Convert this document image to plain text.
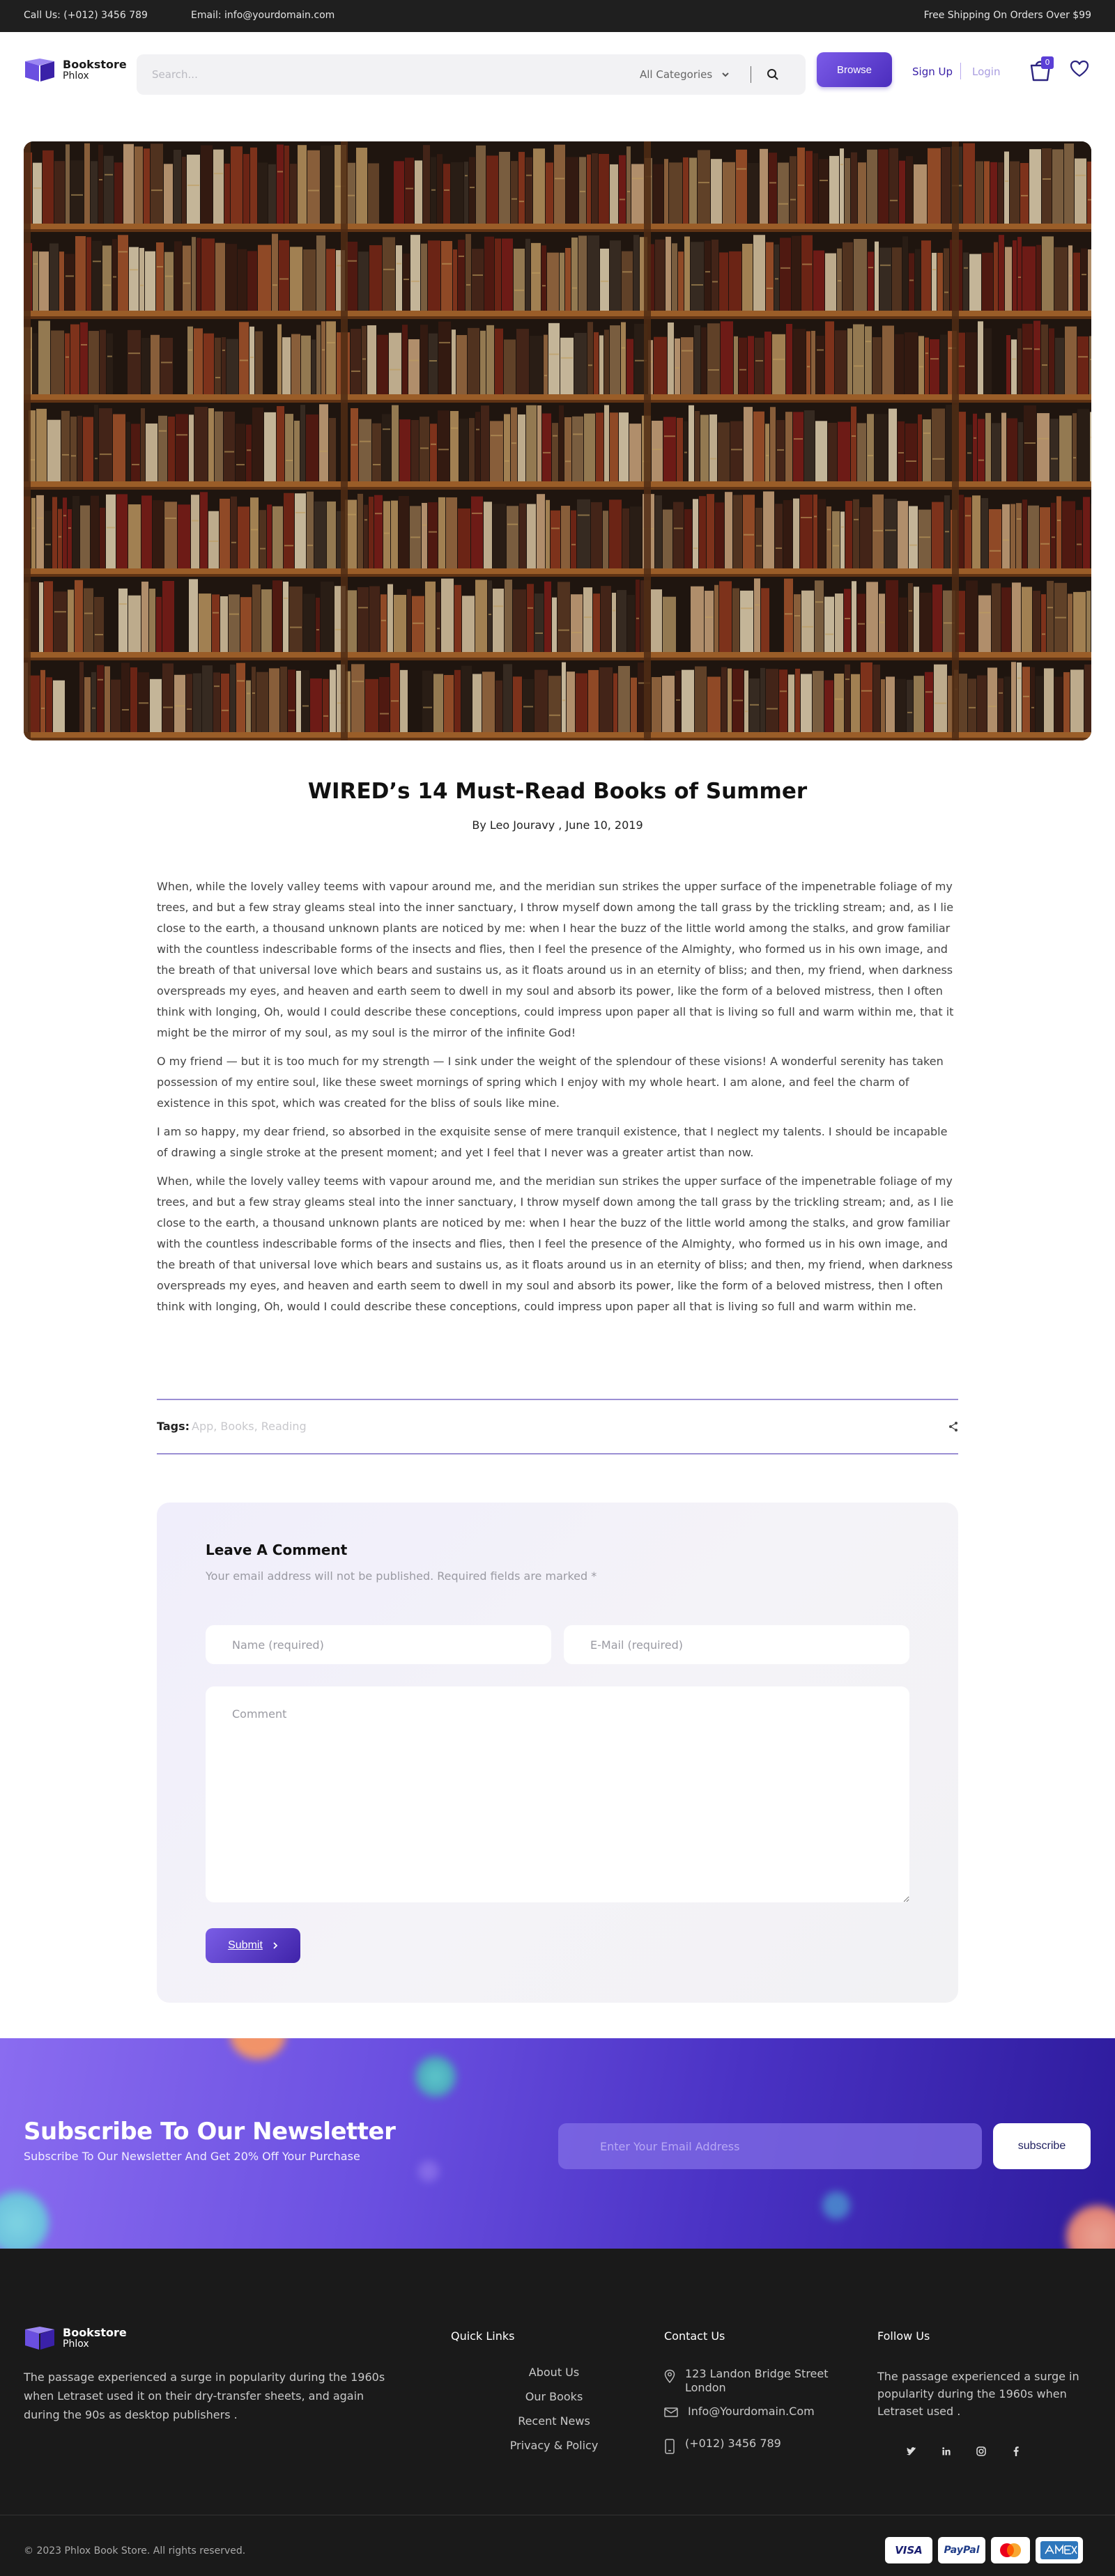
Call Us: (+012) 3456 789	Email: info@yourdomain.com	Free Shipping On Orders Over $99
Bookstore
Phlox
Search...	All Categories	Browse	Sign Up Login
0
WIRED’s 14 Must-Read Books of Summer
By Leo Jouravy , June 10, 2019

When, while the lovely valley teems with vapour around me, and the meridian sun strikes the upper surface of the impenetrable foliage of my trees, and but a few stray gleams steal into the inner sanctuary, I throw myself down among the tall grass by the trickling stream; and, as I lie close to the earth, a thousand unknown plants are noticed by me: when I hear the buzz of the little world among the stalks, and grow familiar with the countless indescribable forms of the insects and flies, then I feel the presence of the Almighty, who formed us in his own image, and the breath of that universal love which bears and sustains us, as it floats around us in an eternity of bliss; and then, my friend, when darkness overspreads my eyes, and heaven and earth seem to dwell in my soul and absorb its power, like the form of a beloved mistress, then I often think with longing, Oh, would I could describe these conceptions, could impress upon paper all that is living so full and warm within me, that it might be the mirror of my soul, as my soul is the mirror of the infinite God!

O my friend — but it is too much for my strength — I sink under the weight of the splendour of these visions! A wonderful serenity has taken possession of my entire soul, like these sweet mornings of spring which I enjoy with my whole heart. I am alone, and feel the charm of existence in this spot, which was created for the bliss of souls like mine.

I am so happy, my dear friend, so absorbed in the exquisite sense of mere tranquil existence, that I neglect my talents. I should be incapable of drawing a single stroke at the present moment; and yet I feel that I never was a greater artist than now.

When, while the lovely valley teems with vapour around me, and the meridian sun strikes the upper surface of the impenetrable foliage of my trees, and but a few stray gleams steal into the inner sanctuary, I throw myself down among the tall grass by the trickling stream; and, as I lie close to the earth, a thousand unknown plants are noticed by me: when I hear the buzz of the little world among the stalks, and grow familiar with the countless indescribable forms of the insects and flies, then I feel the presence of the Almighty, who formed us in his own image, and the breath of that universal love which bears and sustains us, as it floats around us in an eternity of bliss; and then, my friend, when darkness overspreads my eyes, and heaven and earth seem to dwell in my soul and absorb its power, like the form of a beloved mistress, then I often think with longing, Oh, would I could describe these conceptions, could impress upon paper all that is living so full and warm within me.

Tags: App, Books, Reading
Leave A Comment
Your email address will not be published. Required fields are marked *
Name (required)
E-Mail (required)
Comment
Submit
Subscribe To Our Newsletter
Subscribe To Our Newsletter And Get 20% Off Your Purchase
Enter Your Email Address
subscribe
Bookstore
Phlox
The passage experienced a surge in popularity during the 1960s when Letraset used it on their dry-transfer sheets, and again during the 90s as desktop publishers .
Quick Links
About Us
Our Books
Recent News
Privacy & Policy
Contact Us
123 Landon Bridge Street London
Info@Yourdomain.Com
(+012) 3456 789
Follow Us
The passage experienced a surge in popularity during the 1960s when Letraset used .
© 2023 Phlox Book Store. All rights reserved.	VISA PayPal
